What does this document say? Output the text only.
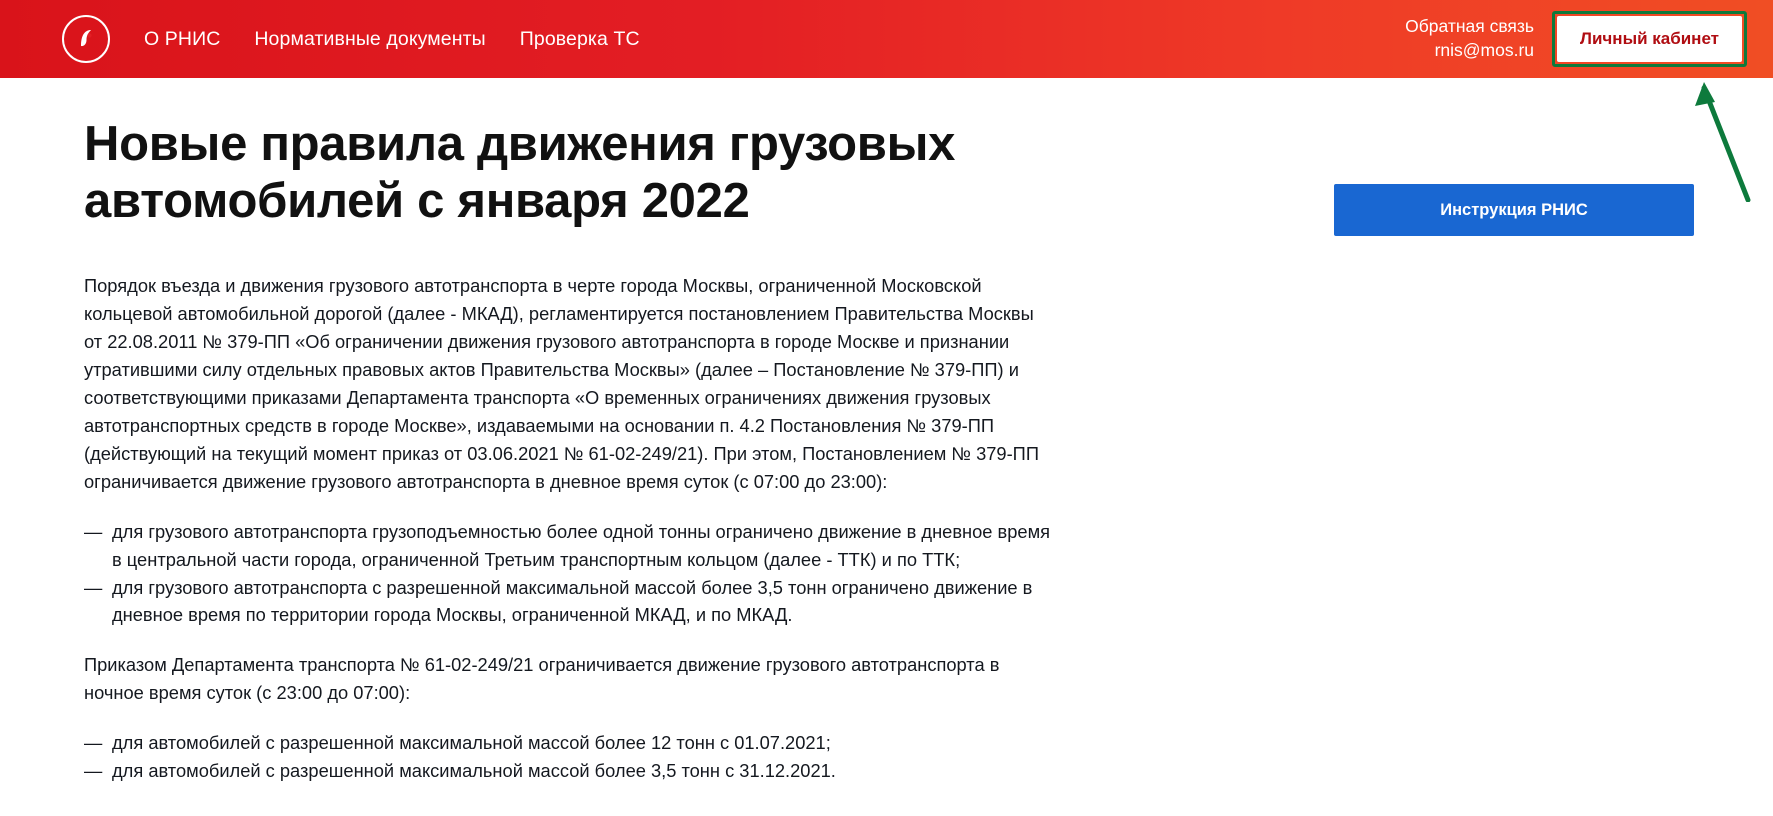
О РНИС Нормативные документы Проверка ТС
Обратная связь
rnis@mos.ru
Личный кабинет
Инструкция РНИС
Новые правила движения грузовых автомобилей с января 2022

Порядок въезда и движения грузового автотранспорта в черте города Москвы, ограниченной Московской кольцевой автомобильной дорогой (далее - МКАД), регламентируется постановлением Правительства Москвы от 22.08.2011 № 379-ПП «Об ограничении движения грузового автотранспорта в городе Москве и признании утратившими силу отдельных правовых актов Правительства Москвы» (далее – Постановление № 379-ПП) и соответствующими приказами Департамента транспорта «О временных ограничениях движения грузовых автотранспортных средств в городе Москве», издаваемыми на основании п. 4.2 Постановления № 379-ПП (действующий на текущий момент приказ от 03.06.2021 № 61-02-249/21). При этом, Постановлением № 379-ПП ограничивается движение грузового автотранспорта в дневное время суток (с 07:00 до 23:00):

— для грузового автотранспорта грузоподъемностью более одной тонны ограничено движение в дневное время в центральной части города, ограниченной Третьим транспортным кольцом (далее - ТТК) и по ТТК;
— для грузового автотранспорта с разрешенной максимальной массой более 3,5 тонн ограничено движение в дневное время по территории города Москвы, ограниченной МКАД, и по МКАД.

Приказом Департамента транспорта № 61-02-249/21 ограничивается движение грузового автотранспорта в ночное время суток (с 23:00 до 07:00):

— для автомобилей с разрешенной максимальной массой более 12 тонн с 01.07.2021;
— для автомобилей с разрешенной максимальной массой более 3,5 тонн с 31.12.2021.
